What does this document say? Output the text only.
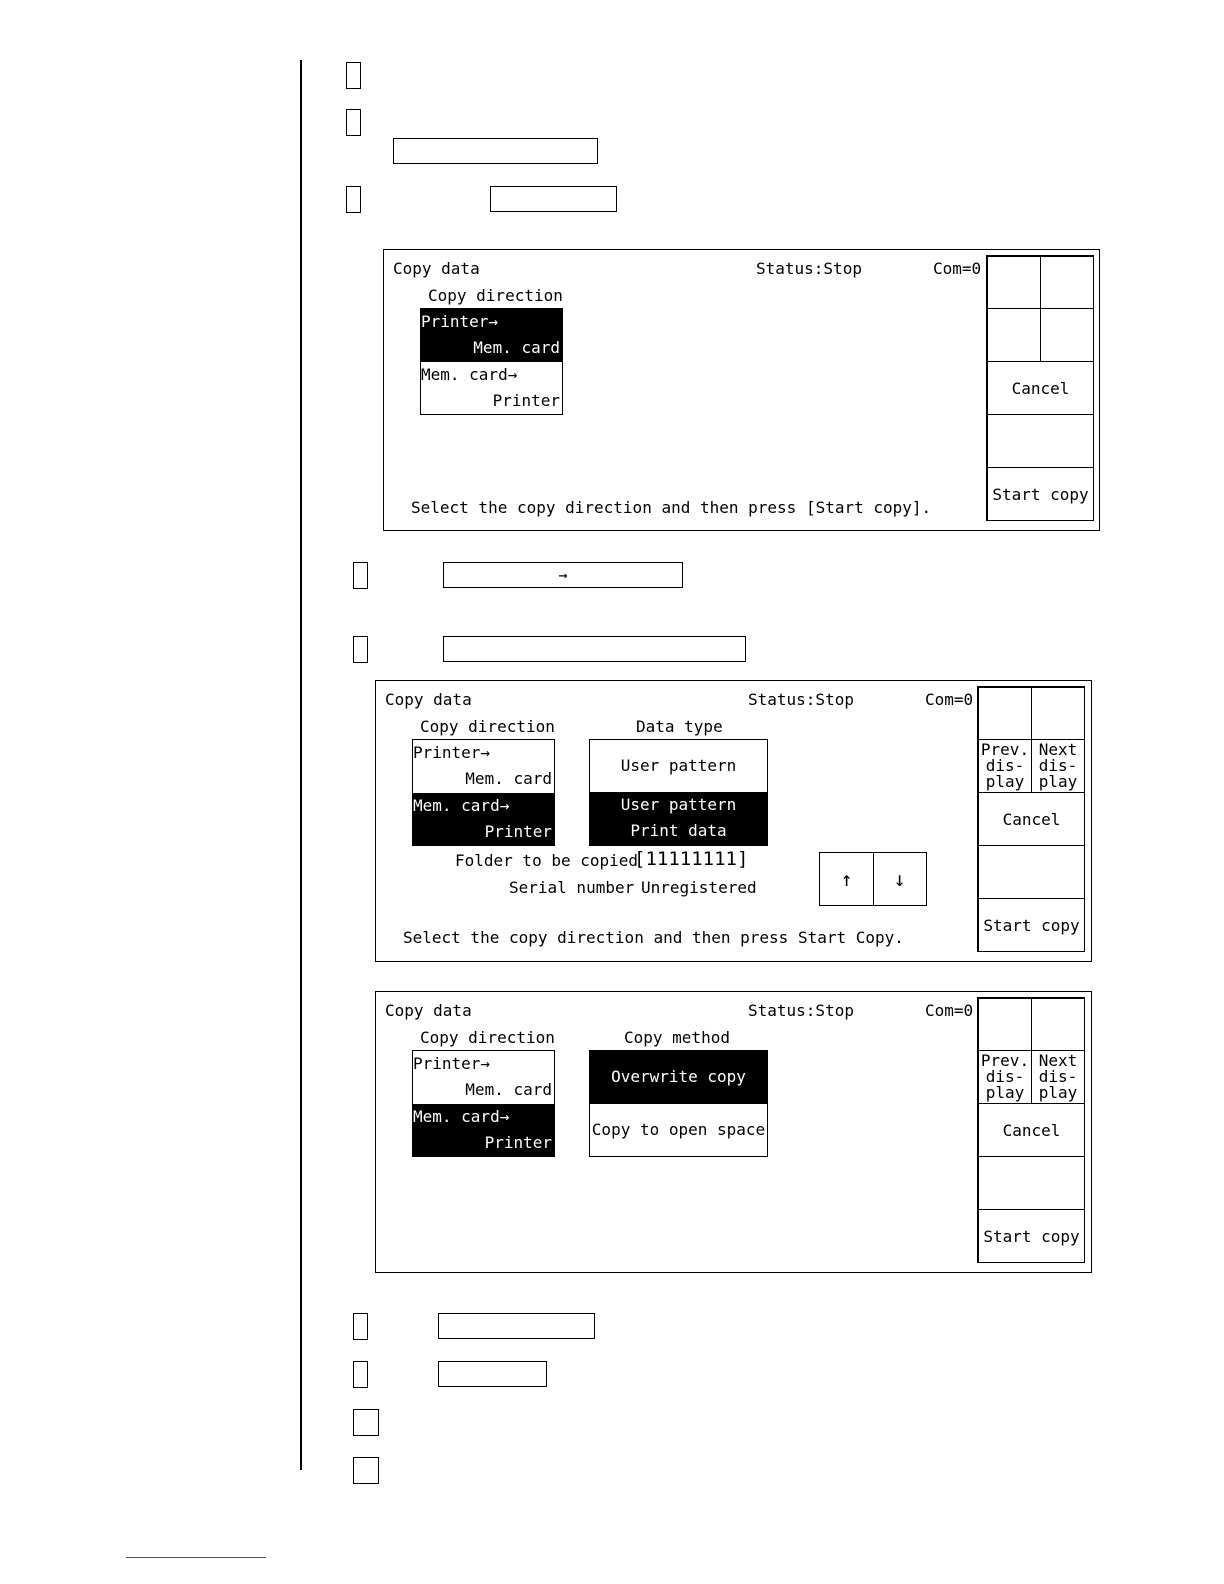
Copy data	Status:Stop	Com=0
Copy direction
Printer→
Mem. card
Mem. card→
Printer
Select the copy direction and then press [Start copy].
Cancel
Start copy
→
Copy data	Status:Stop	Com=0
Copy direction	Data type
Printer→
Mem. card
Mem. card→
Printer
User pattern
User pattern
Print data
Folder to be copied
[11111111]
Serial number Unregistered	↑	↓
Select the copy direction and then press Start Copy.
Prev.
dis-
play
Next
dis-
play
Cancel
Start copy
Copy data	Status:Stop	Com=0
Copy direction	Copy method
Printer→
Mem. card
Mem. card→
Printer
Overwrite copy
Copy to open space
Prev.
dis-
play
Next
dis-
play
Cancel
Start copy
